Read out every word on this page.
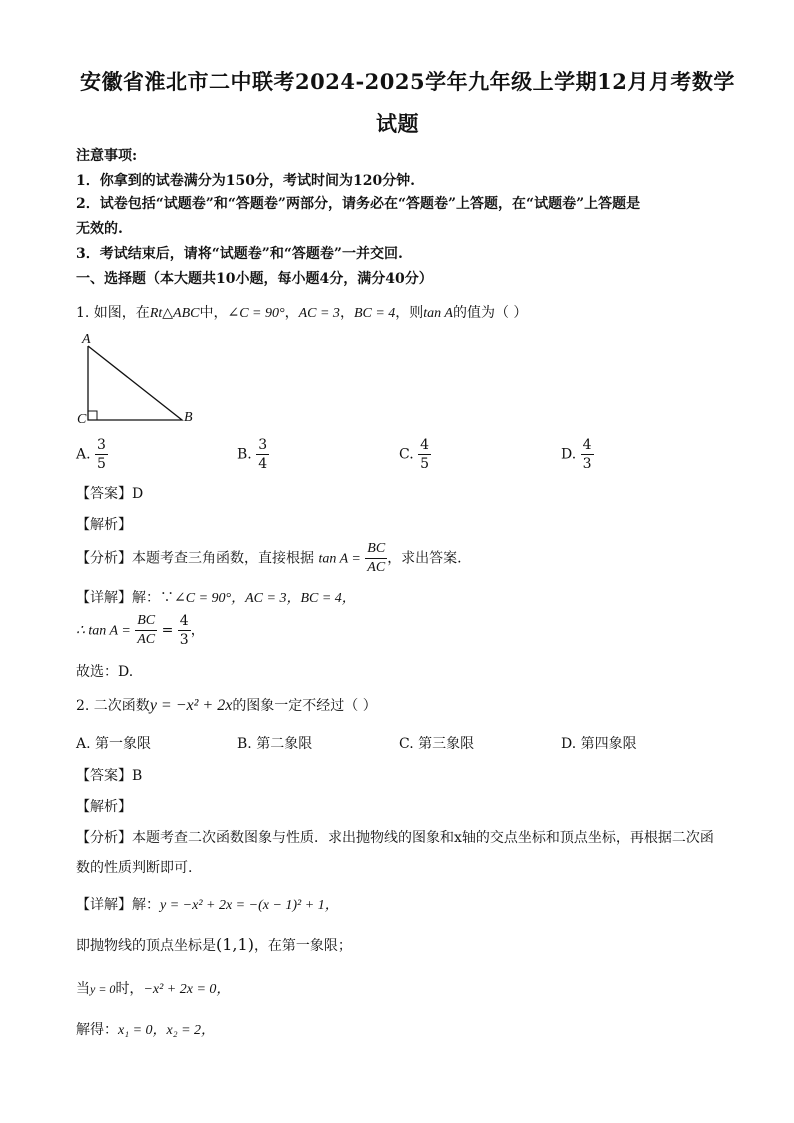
安徽省淮北市二中联考2024-2025学年九年级上学期12月月考数学
试题
注意事项:
1．你拿到的试卷满分为150分，考试时间为120分钟.
2．试卷包括“试题卷”和“答题卷”两部分，请务必在“答题卷”上答题，在“试题卷”上答题是
无效的.
3．考试结束后，请将“试题卷”和“答题卷”一并交回.
一、选择题（本大题共10小题，每小题4分，满分40分）
1. 如图，在Rt△ABC中，∠C = 90°，AC = 3，BC = 4，则tan A的值为（ ）
A
C	B
A. $\frac{3}{5}$	B. $\frac{3}{4}$	C. $\frac{4}{5}$	D. $\frac{4}{3}$
【答案】D
【解析】
【分析】本题考查三角函数，直接根据 $\tan A = \frac{BC}{AC}$ ，求出答案.
【详解】解：∵∠C = 90°，AC = 3，BC = 4，
∴ $\tan A = \frac{BC}{AC} = \frac{4}{3}$ ，
故选：D.
2. 二次函数y = −x² + 2x的图象一定不经过（ ）
A. 第一象限	B. 第二象限	C. 第三象限	D. 第四象限
【答案】B
【解析】
【分析】本题考查二次函数图象与性质．求出抛物线的图象和x轴的交点坐标和顶点坐标，再根据二次函
数的性质判断即可.
【详解】解：y = −x² + 2x = −(x − 1)² + 1，
即抛物线的顶点坐标是(1,1)，在第一象限；
当y = 0时，−x² + 2x = 0，
解得：x₁ = 0，x₂ = 2，
